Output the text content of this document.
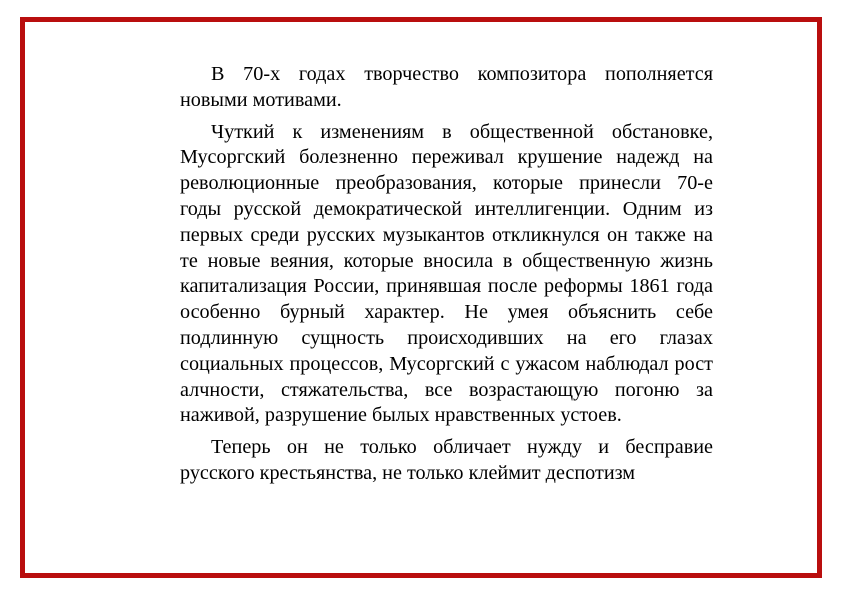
В 70-х годах творчество композитора пополняется новыми мотивами.

Чуткий к изменениям в общественной обстановке, Мусоргский болезненно переживал крушение надежд на революционные преобразования, которые принесли 70-е годы русской демократической интеллигенции. Одним из первых среди русских музыкантов откликнулся он также на те новые веяния, которые вносила в общественную жизнь капитализация России, принявшая после реформы 1861 года особенно бурный характер. Не умея объяснить себе подлинную сущность происходивших на его глазах социальных процессов, Мусоргский с ужасом наблюдал рост алчности, стяжательства, все возрастающую погоню за наживой, разрушение былых нравственных устоев.

Теперь он не только обличает нужду и бесправие русского крестьянства, не только клеймит деспотизм
